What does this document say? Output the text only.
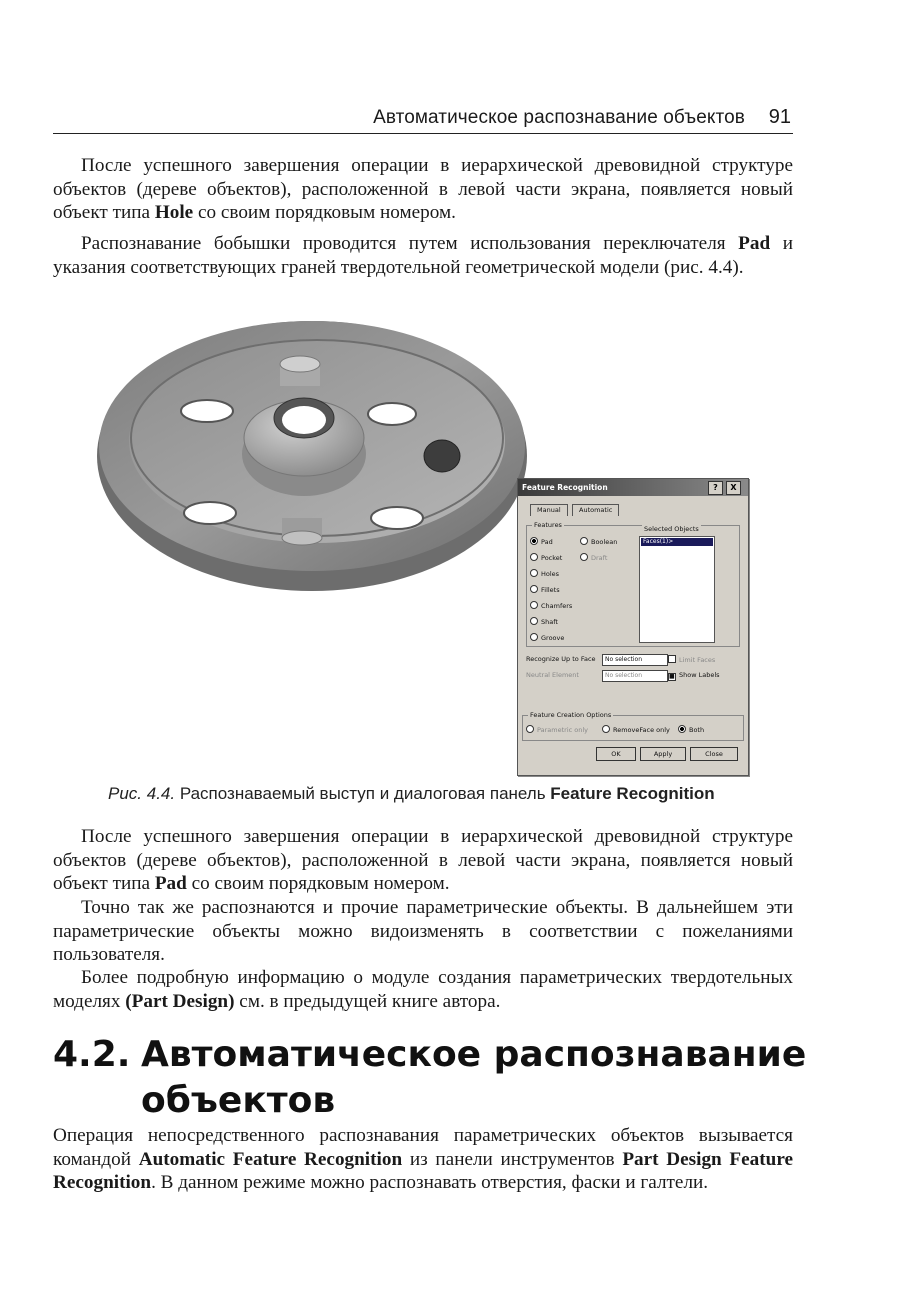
Автоматическое распознавание объектов 91

После успешного завершения операции в иерархической древовидной структуре объектов (дереве объектов), расположенной в левой части экрана, появляется новый объект типа Hole со своим порядковым номером.

Распознавание бобышки проводится путем использования переключателя Pad и указания соответствующих граней твердотельной геометрической модели (рис. 4.4).

Feature Recognition	?	X
Manual	Automatic
Features	Selected Objects
Pad
Pocket
Holes
Fillets
Chamfers
Shaft
Groove
Boolean
Draft
Faces(1)>
Recognize Up to Face	No selection	Limit Faces
Neutral Element	No selection	■ Show Labels
Feature Creation Options
Parametric only	RemoveFace only	Both
OK	Apply	Close
Рис. 4.4. Распознаваемый выступ и диалоговая панель Feature Recognition

После успешного завершения операции в иерархической древовидной структуре объектов (дереве объектов), расположенной в левой части экрана, появляется новый объект типа Pad со своим порядковым номером.

Точно так же распознаются и прочие параметрические объекты. В дальнейшем эти параметрические объекты можно видоизменять в соответствии с пожеланиями пользователя.

Более подробную информацию о модуле создания параметрических твердотельных моделях (Part Design) см. в предыдущей книге автора.

4.2. Автоматическое распознавание
объектов

Операция непосредственного распознавания параметрических объектов вызывается командой Automatic Feature Recognition из панели инструментов Part Design Feature Recognition. В данном режиме можно распознавать отверстия, фаски и галтели.
